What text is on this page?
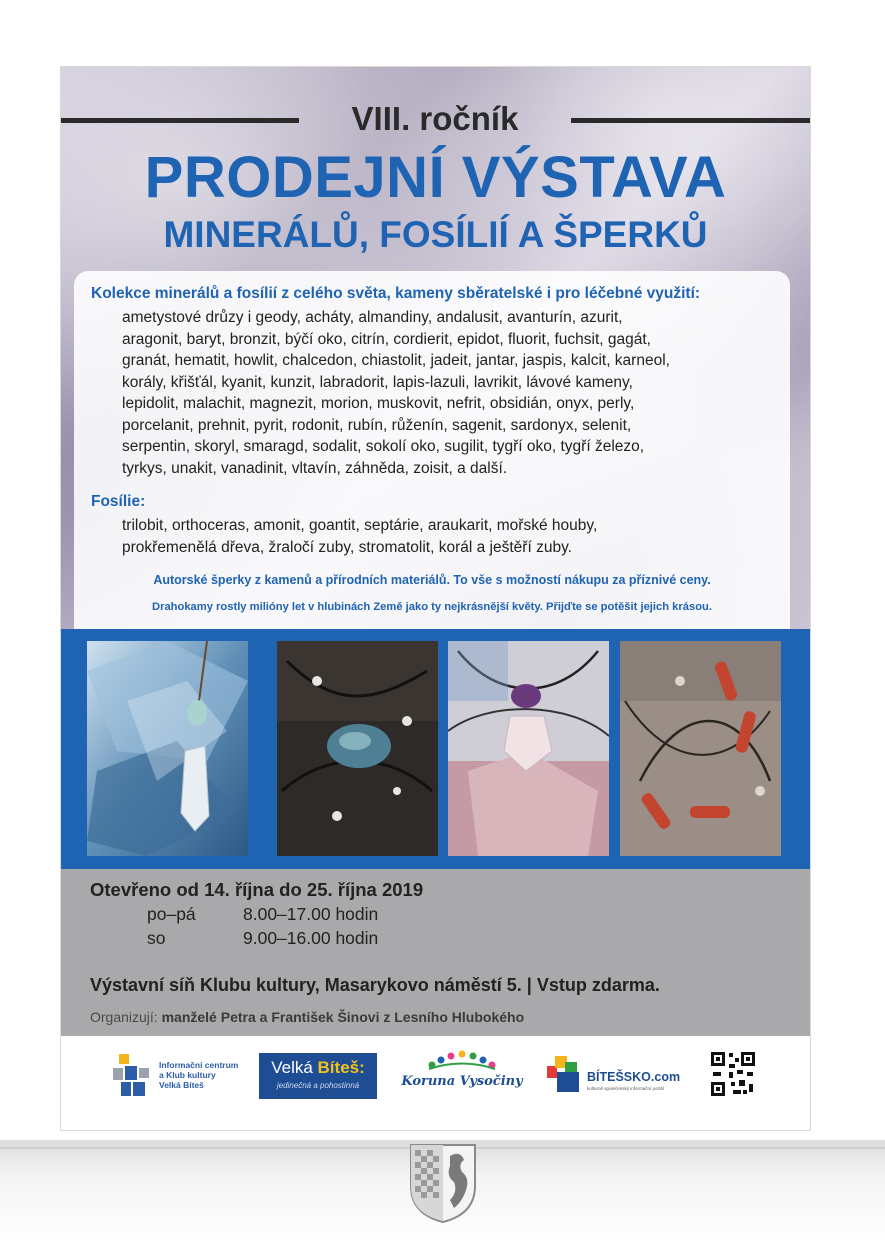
VIII. ročník
PRODEJNÍ VÝSTAVA
MINERÁLŮ, FOSÍLIÍ A ŠPERKŮ
Kolekce minerálů a fosílií z celého světa, kameny sběratelské i pro léčebné využití:
ametystové drůzy i geody, acháty, almandiny, andalusit, avanturín, azurit,
aragonit, baryt, bronzit, býčí oko, citrín, cordierit, epidot, fluorit, fuchsit, gagát,
granát, hematit, howlit, chalcedon, chiastolit, jadeit, jantar, jaspis, kalcit, karneol,
korály, křišťál, kyanit, kunzit, labradorit, lapis-lazuli, lavrikit, lávové kameny,
lepidolit, malachit, magnezit, morion, muskovit, nefrit, obsidián, onyx, perly,
porcelanit, prehnit, pyrit, rodonit, rubín, růženín, sagenit, sardonyx, selenit,
serpentin, skoryl, smaragd, sodalit, sokolí oko, sugilit, tygří oko, tygří železo,
tyrkys, unakit, vanadinit, vltavín, záhněda, zoisit, a další.
Fosílie:
trilobit, orthoceras, amonit, goantit, septárie, araukarit, mořské houby,
prokřemenělá dřeva, žraločí zuby, stromatolit, korál a ještěří zuby.
Autorské šperky z kamenů a přírodních materiálů. To vše s možností nákupu za příznivé ceny.
Drahokamy rostly milióny let v hlubinách Země jako ty nejkrásnější květy. Přijďte se potěšit jejich krásou.
Otevřeno od 14. října do 25. října 2019
po–pá	8.00–17.00 hodin
so	9.00–16.00 hodin
Výstavní síň Klubu kultury, Masarykovo náměstí 5. | Vstup zdarma.
Organizují: manželé Petra a František Šinovi z Lesního Hlubokého
Informační centrum
a Klub kultury
Velká Bíteš
Velká Bíteš:
jedinečná a pohostinná	Koruna Vysočiny	BÍTEŠSKO.com
kulturně společenský informační portál
